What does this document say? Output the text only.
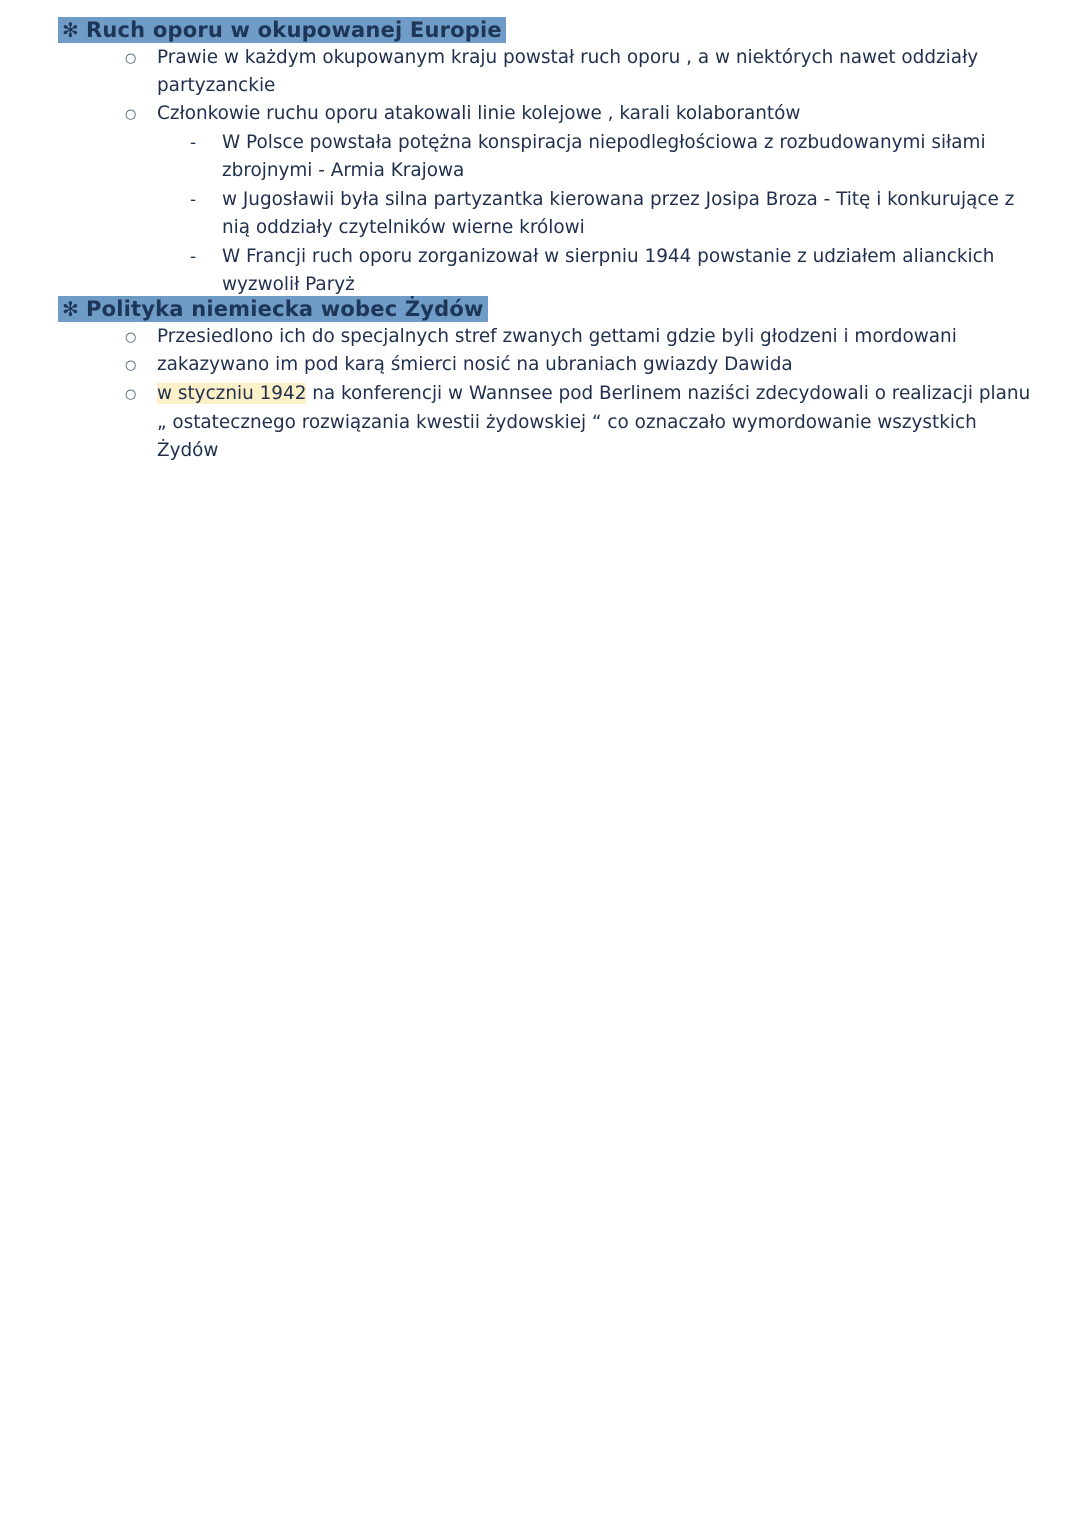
✻ Ruch oporu w okupowanej Europie
○ Prawie w każdym okupowanym kraju powstał ruch oporu , a w niektórych nawet oddziały
partyzanckie
○ Członkowie ruchu oporu atakowali linie kolejowe , karali kolaborantów
- W Polsce powstała potężna konspiracja niepodległościowa z rozbudowanymi siłami
zbrojnymi - Armia Krajowa
- w Jugosławii była silna partyzantka kierowana przez Josipa Broza - Titę i konkurujące z
nią oddziały czytelników wierne królowi
- W Francji ruch oporu zorganizował w sierpniu 1944 powstanie z udziałem alianckich
wyzwolił Paryż
✻ Polityka niemiecka wobec Żydów
○ Przesiedlono ich do specjalnych stref zwanych gettami gdzie byli głodzeni i mordowani
○ zakazywano im pod karą śmierci nosić na ubraniach gwiazdy Dawida
○ w styczniu 1942 na konferencji w Wannsee pod Berlinem naziści zdecydowali o realizacji planu
„ ostatecznego rozwiązania kwestii żydowskiej “ co oznaczało wymordowanie wszystkich
Żydów
